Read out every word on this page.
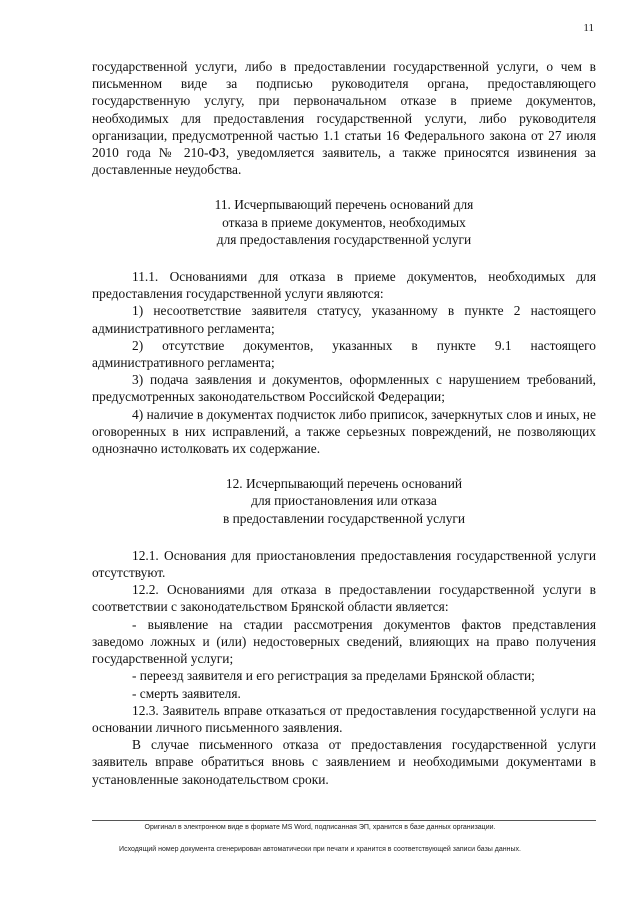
11

государственной услуги, либо в предоставлении государственной услуги, о чем в письменном виде за подписью руководителя органа, предоставляющего государственную услугу, при первоначальном отказе в приеме документов, необходимых для предоставления государственной услуги, либо руководителя организации, предусмотренной частью 1.1 статьи 16 Федерального закона от 27 июля 2010 года № 210-ФЗ, уведомляется заявитель, а также приносятся извинения за доставленные неудобства.

11. Исчерпывающий перечень оснований для
отказа в приеме документов, необходимых
для предоставления государственной услуги

11.1. Основаниями для отказа в приеме документов, необходимых для предоставления государственной услуги являются:

1) несоответствие заявителя статусу, указанному в пункте 2 настоящего административного регламента;

2) отсутствие документов, указанных в пункте 9.1 настоящего административного регламента;

3) подача заявления и документов, оформленных с нарушением требований, предусмотренных законодательством Российской Федерации;

4) наличие в документах подчисток либо приписок, зачеркнутых слов и иных, не оговоренных в них исправлений, а также серьезных повреждений, не позволяющих однозначно истолковать их содержание.

12. Исчерпывающий перечень оснований
для приостановления или отказа
в предоставлении государственной услуги

12.1. Основания для приостановления предоставления государственной услуги отсутствуют.

12.2. Основаниями для отказа в предоставлении государственной услуги в соответствии с законодательством Брянской области является:

- выявление на стадии рассмотрения документов фактов представления заведомо ложных и (или) недостоверных сведений, влияющих на право получения государственной услуги;

- переезд заявителя и его регистрация за пределами Брянской области;

- смерть заявителя.

12.3. Заявитель вправе отказаться от предоставления государственной услуги на основании личного письменного заявления.

В случае письменного отказа от предоставления государственной услуги заявитель вправе обратиться вновь с заявлением и необходимыми документами в установленные законодательством сроки.

Оригинал в электронном виде в формате MS Word, подписанная ЭП, хранится в базе данных организации.
Исходящий номер документа сгенерирован автоматически при печати и хранится в соответствующей записи базы данных.
